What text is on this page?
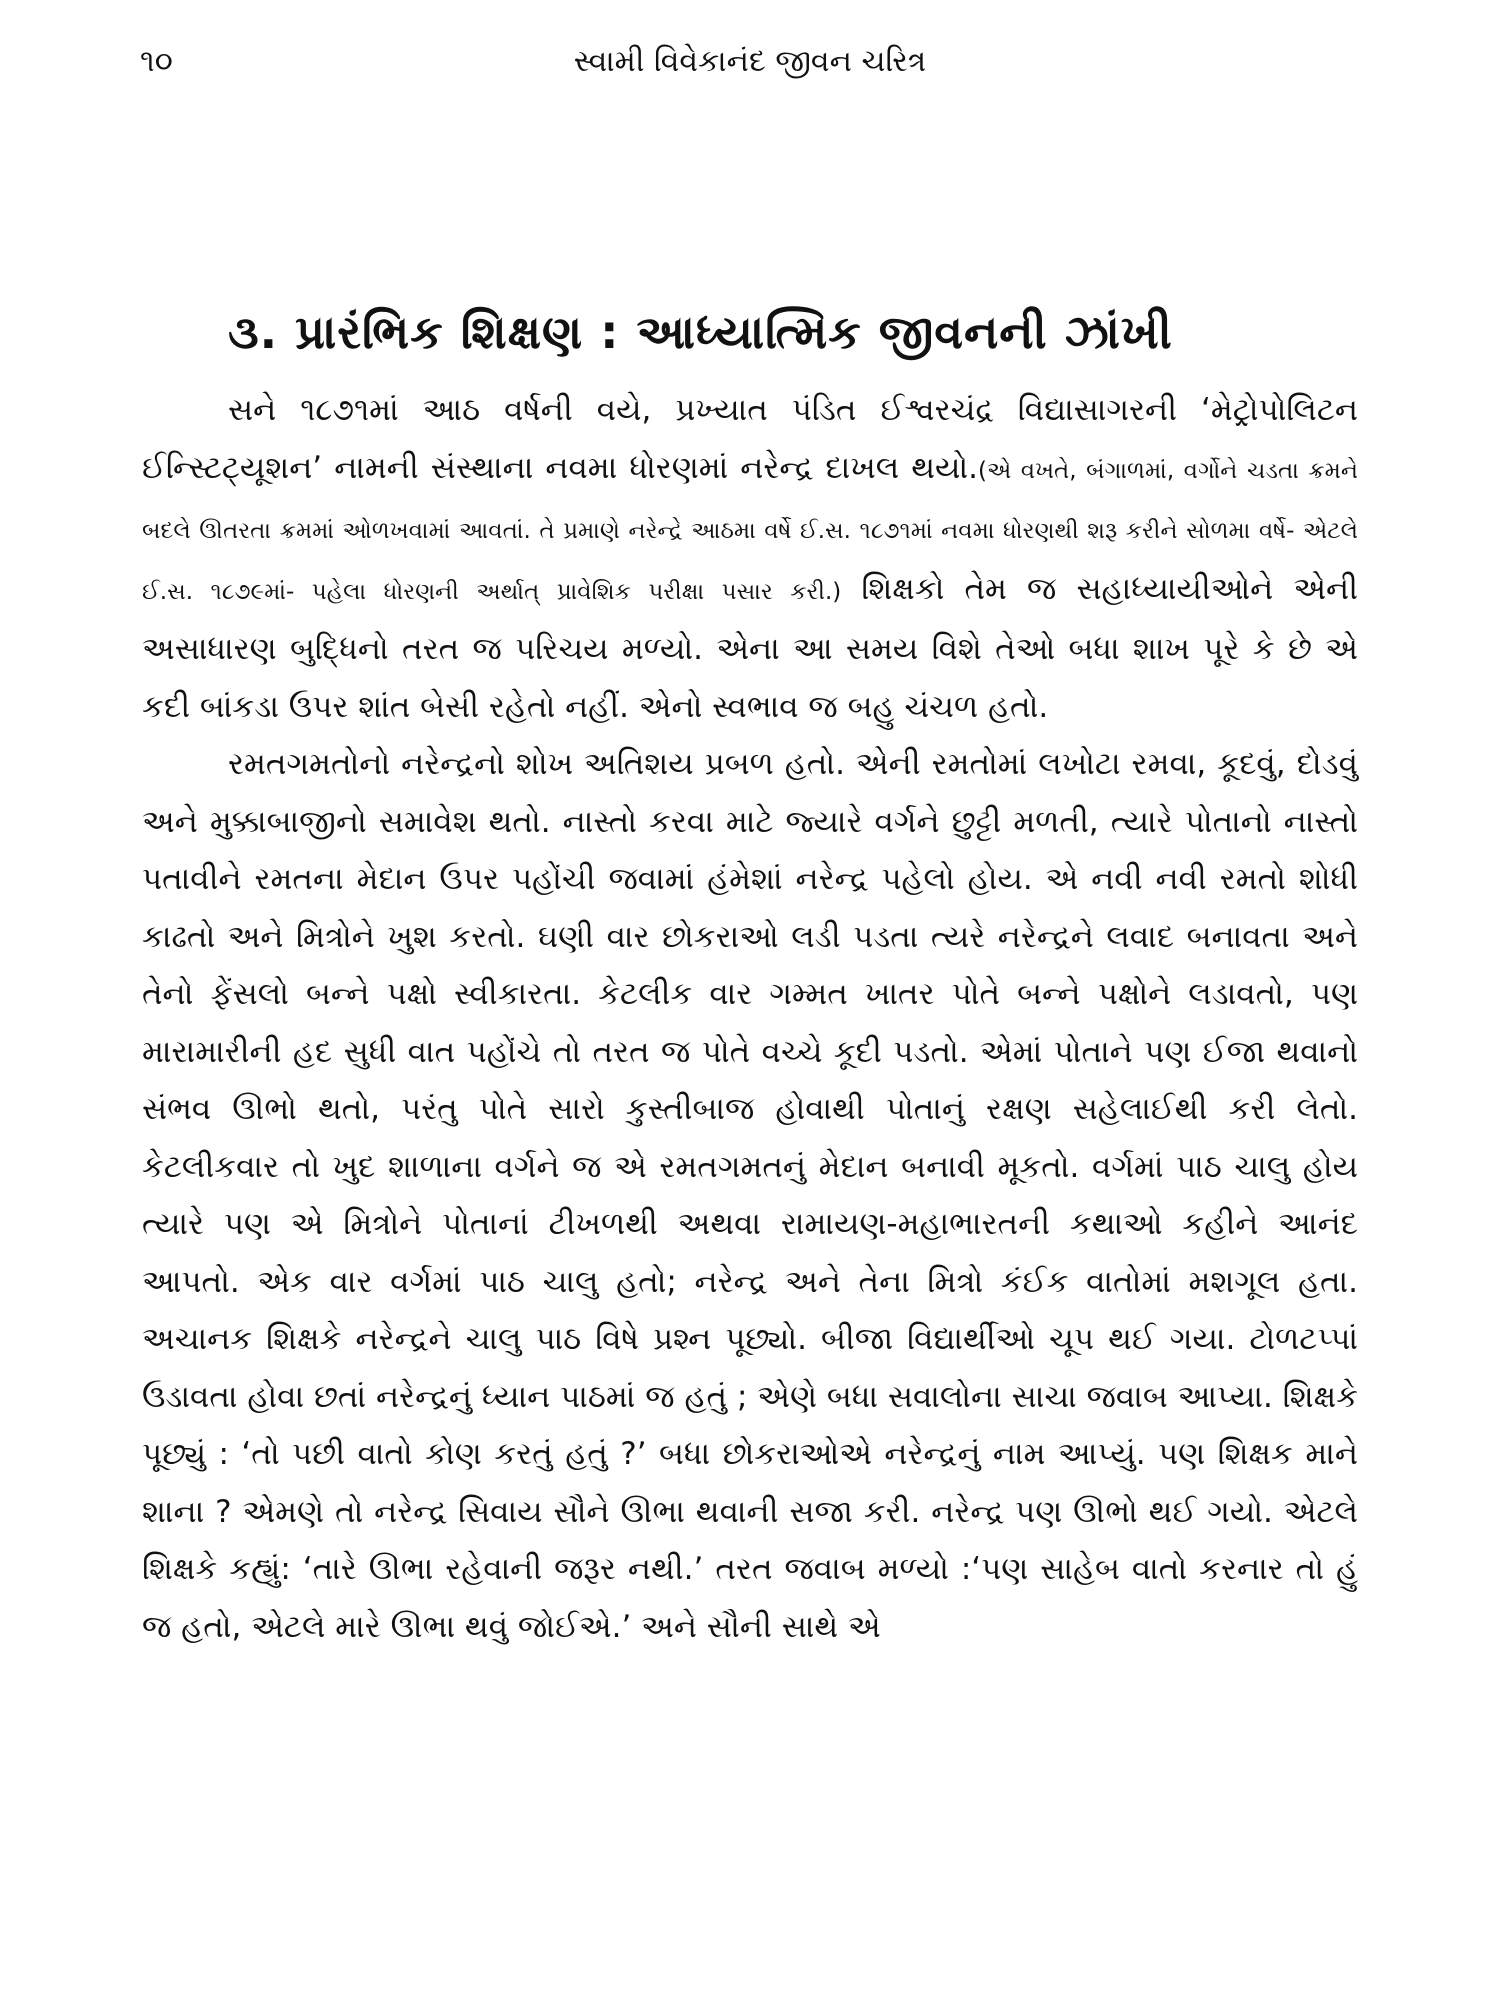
૧૦	સ્વામી વિવેકાનંદ જીવન ચરિત્ર
૩. પ્રારંભિક શિક્ષણ : આધ્યાત્મિક જીવનની ઝાંખી

સને ૧૮૭૧માં આઠ વર્ષની વયે, પ્રખ્યાત પંડિત ઈશ્વરચંદ્ર વિદ્યાસાગરની ‘મેટ્રોપોલિટન ઈન્સ્ટિટ્યૂશન’ નામની સંસ્થાના નવમા ધોરણમાં નરેન્દ્ર દાખલ થયો.(એ વખતે, બંગાળમાં, વર્ગોને ચડતા ક્રમને બદલે ઊતરતા ક્રમમાં ઓળખવામાં આવતાં. તે પ્રમાણે નરેન્દ્રે આઠમા વર્ષે ઈ.સ. ૧૮૭૧માં નવમા ધોરણથી શરૂ કરીને સોળમા વર્ષે- એટલે ઈ.સ. ૧૮૭૯માં- પહેલા ધોરણની અર્થાત્ પ્રાવેશિક પરીક્ષા પસાર કરી.) શિક્ષકો તેમ જ સહાધ્યાયીઓને એની અસાધારણ બુદ્ધિનો તરત જ પરિચય મળ્યો. એના આ સમય વિશે તેઓ બધા શાખ પૂરે કે છે એ કદી બાંકડા ઉપર શાંત બેસી રહેતો નહીં. એનો સ્વભાવ જ બહુ ચંચળ હતો.

રમતગમતોનો નરેન્દ્રનો શોખ અતિશય પ્રબળ હતો. એની રમતોમાં લખોટા રમવા, કૂદવું, દોડવું અને મુક્કાબાજીનો સમાવેશ થતો. નાસ્તો કરવા માટે જ્યારે વર્ગને છુટ્ટી મળતી, ત્યારે પોતાનો નાસ્તો પતાવીને રમતના મેદાન ઉપર પહોંચી જવામાં હંમેશાં નરેન્દ્ર પહેલો હોય. એ નવી નવી રમતો શોધી કાઢતો અને મિત્રોને ખુશ કરતો. ઘણી વાર છોકરાઓ લડી પડતા ત્યરે નરેન્દ્રને લવાદ બનાવતા અને તેનો ફેંસલો બન્ને પક્ષો સ્વીકારતા. કેટલીક વાર ગમ્મત ખાતર પોતે બન્ને પક્ષોને લડાવતો, પણ મારામારીની હદ સુધી વાત પહોંચે તો તરત જ પોતે વચ્ચે કૂદી પડતો. એમાં પોતાને પણ ઈજા થવાનો સંભવ ઊભો થતો, પરંતુ પોતે સારો કુસ્તીબાજ હોવાથી પોતાનું રક્ષણ સહેલાઈથી કરી લેતો. કેટલીકવાર તો ખુદ શાળાના વર્ગને જ એ રમતગમતનું મેદાન બનાવી મૂકતો. વર્ગમાં પાઠ ચાલુ હોય ત્યારે પણ એ મિત્રોને પોતાનાં ટીખળથી અથવા રામાયણ-મહાભારતની કથાઓ કહીને આનંદ આપતો. એક વાર વર્ગમાં પાઠ ચાલુ હતો; નરેન્દ્ર અને તેના મિત્રો કંઈક વાતોમાં મશગૂલ હતા. અચાનક શિક્ષકે નરેન્દ્રને ચાલુ પાઠ વિષે પ્રશ્ન પૂછ્યો. બીજા વિદ્યાર્થીઓ ચૂપ થઈ ગયા. ટોળટપ્પાં ઉડાવતા હોવા છતાં નરેન્દ્રનું ધ્યાન પાઠમાં જ હતું ; એણે બધા સવાલોના સાચા જવાબ આપ્યા. શિક્ષકે પૂછ્યું : ‘તો પછી વાતો કોણ કરતું હતું ?’ બધા છોકરાઓએ નરેન્દ્રનું નામ આપ્યું. પણ શિક્ષક માને શાના ? એમણે તો નરેન્દ્ર સિવાય સૌને ઊભા થવાની સજા કરી. નરેન્દ્ર પણ ઊભો થઈ ગયો. એટલે શિક્ષકે કહ્યું: ‘તારે ઊભા રહેવાની જરૂર નથી.’ તરત જવાબ મળ્યો :‘પણ સાહેબ વાતો કરનાર તો હું જ હતો, એટલે મારે ઊભા થવું જોઈએ.’ અને સૌની સાથે એ
